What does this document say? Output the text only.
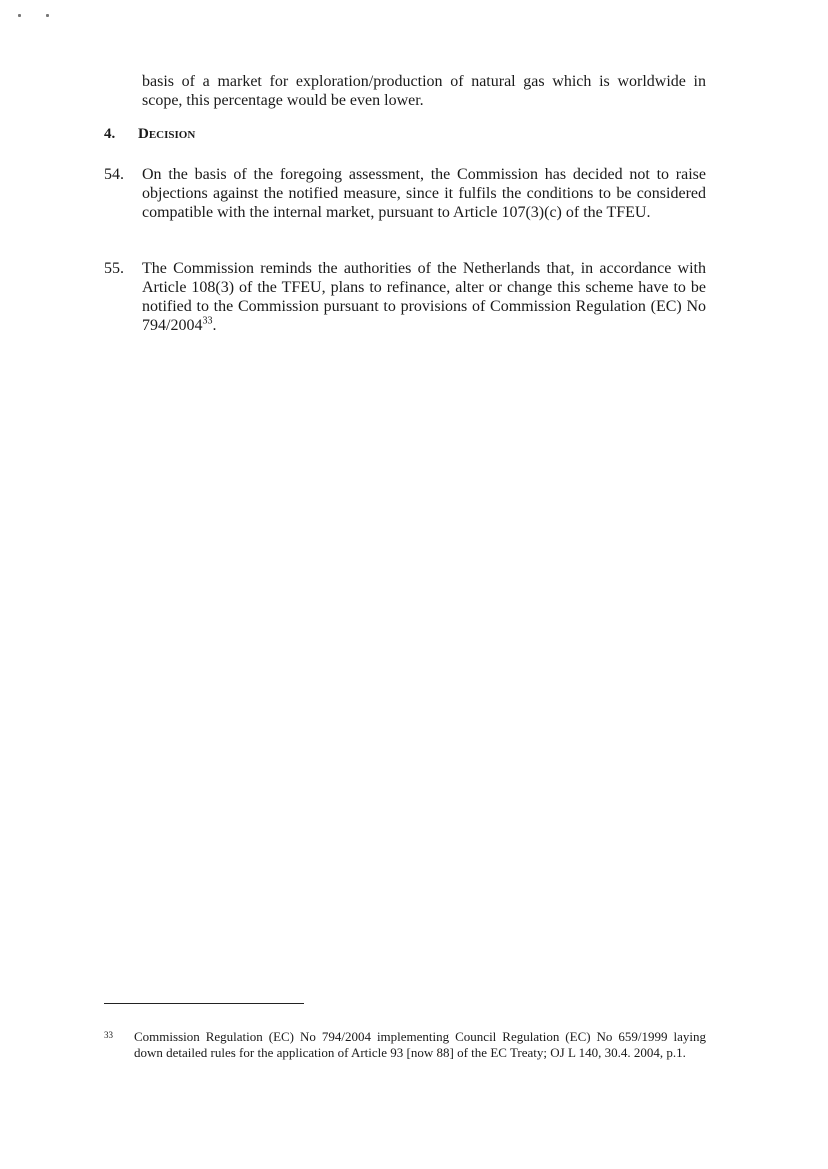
basis of a market for exploration/production of natural gas which is worldwide in scope, this percentage would be even lower.
4. Decision
54. On the basis of the foregoing assessment, the Commission has decided not to raise objections against the notified measure, since it fulfils the conditions to be considered compatible with the internal market, pursuant to Article 107(3)(c) of the TFEU.
55. The Commission reminds the authorities of the Netherlands that, in accordance with Article 108(3) of the TFEU, plans to refinance, alter or change this scheme have to be notified to the Commission pursuant to provisions of Commission Regulation (EC) No 794/2004$^{33}$.
33 Commission Regulation (EC) No 794/2004 implementing Council Regulation (EC) No 659/1999 laying down detailed rules for the application of Article 93 [now 88] of the EC Treaty; OJ L 140, 30.4. 2004, p.1.
